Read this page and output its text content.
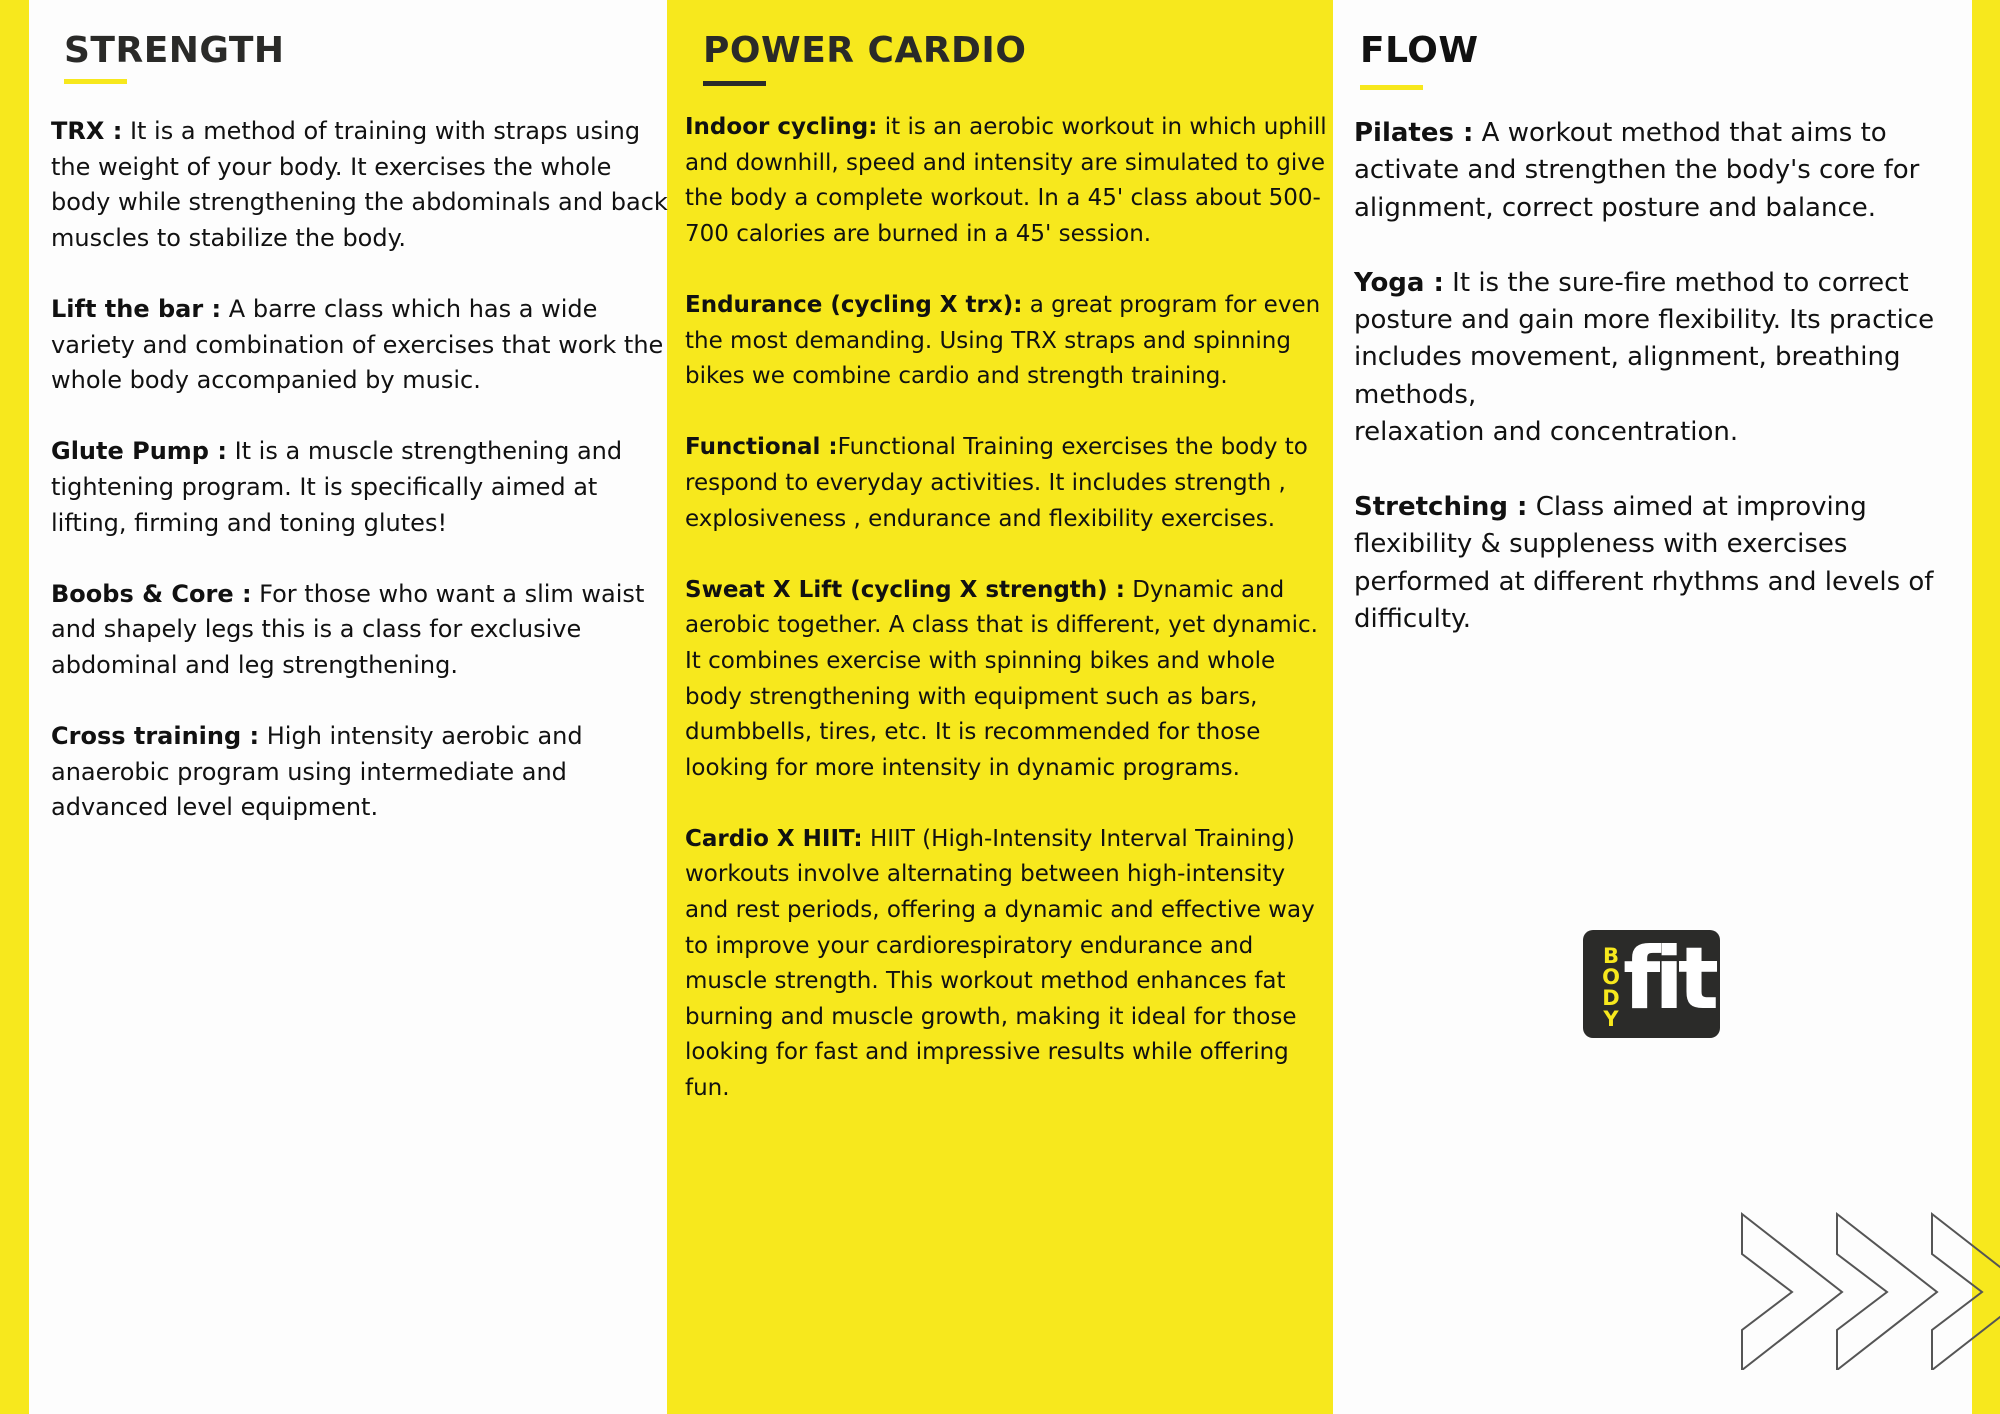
STRENGTH

TRX : It is a method of training with straps using the weight of your body. It exercises the whole body while strengthening the abdominals and back muscles to stabilize the body.

Lift the bar : A barre class which has a wide variety and combination of exercises that work the whole body accompanied by music.

Glute Pump : It is a muscle strengthening and tightening program. It is specifically aimed at lifting, firming and toning glutes!

Boobs & Core : For those who want a slim waist and shapely legs this is a class for exclusive abdominal and leg strengthening.

Cross training : High intensity aerobic and anaerobic program using intermediate and advanced level equipment.

POWER CARDIO

Indoor cycling: it is an aerobic workout in which uphill and downhill, speed and intensity are simulated to give the body a complete workout. In a 45' class about 500-700 calories are burned in a 45' session.

Endurance (cycling X trx): a great program for even the most demanding. Using TRX straps and spinning bikes we combine cardio and strength training.

Functional :Functional Training exercises the body to respond to everyday activities. It includes strength , explosiveness , endurance and flexibility exercises.

Sweat X Lift (cycling X strength) : Dynamic and aerobic together. A class that is different, yet dynamic. It combines exercise with spinning bikes and whole body strengthening with equipment such as bars, dumbbells, tires, etc. It is recommended for those looking for more intensity in dynamic programs.

Cardio X HIIT: HIIT (High-Intensity Interval Training) workouts involve alternating between high-intensity and rest periods, offering a dynamic and effective way to improve your cardiorespiratory endurance and muscle strength. This workout method enhances fat burning and muscle growth, making it ideal for those looking for fast and impressive results while offering fun.

FLOW

Pilates : A workout method that aims to activate and strengthen the body's core for alignment, correct posture and balance.

Yoga : It is the sure-fire method to correct posture and gain more flexibility. Its practice includes movement, alignment, breathing methods,
relaxation and concentration.

Stretching : Class aimed at improving flexibility & suppleness with exercises performed at different rhythms and levels of difficulty.

B
O
D
Y fit
